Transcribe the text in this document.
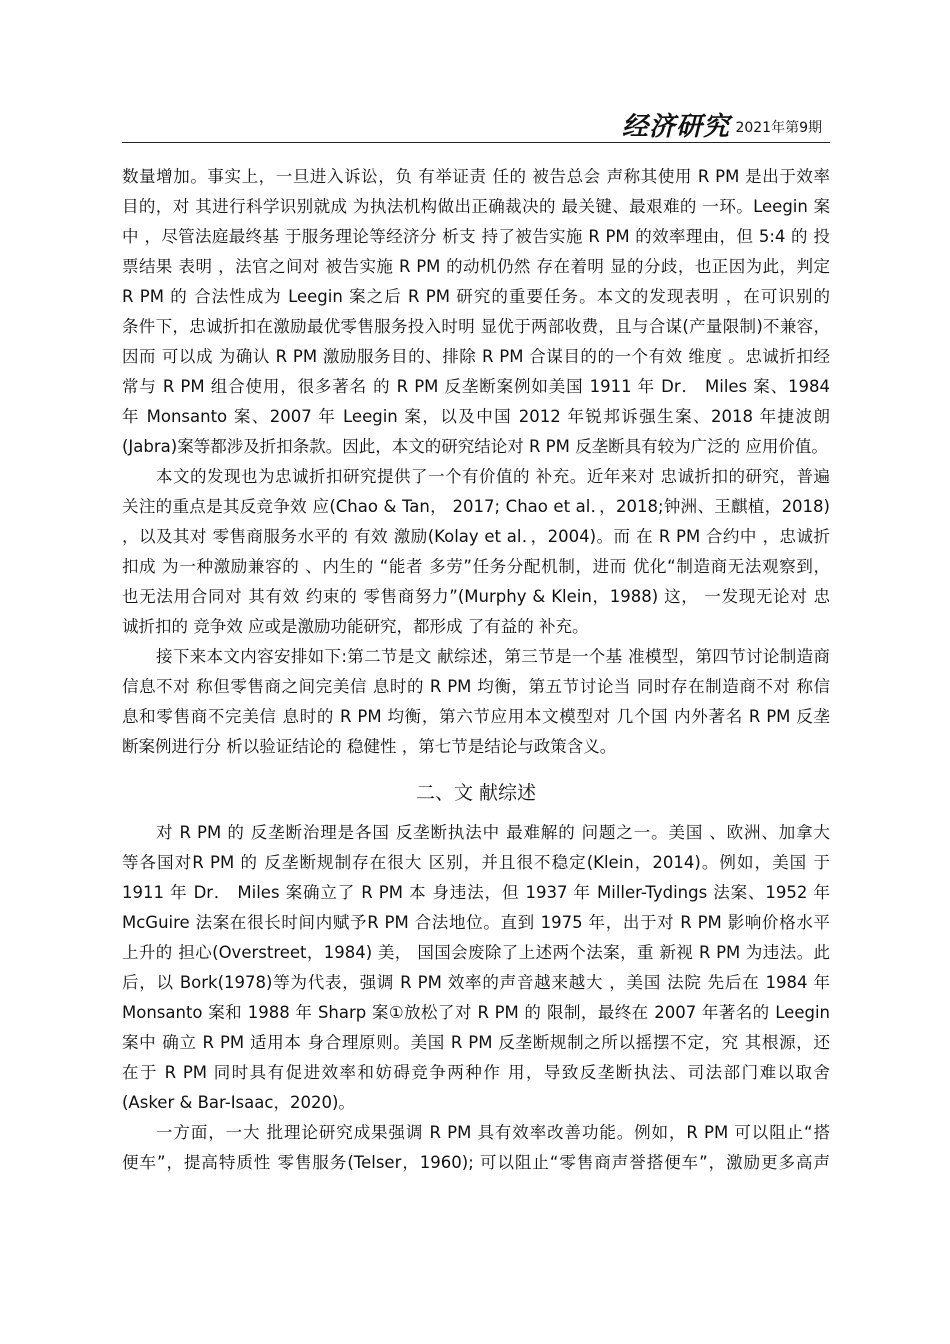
经济研究 2021年第9期
数量增加。事实上，一旦进入诉讼，负 有举证责 任的 被告总会 声称其使用 R PM 是出于效率
目的，对 其进行科学识别就成 为执法机构做出正确裁决的 最关键、最艰难的 一环。Leegin 案
中 ，尽管法庭最终基 于服务理论等经济分 析支 持了被告实施 R PM 的效率理由，但 5:4 的 投
票结果 表明 ，法官之间对 被告实施 R PM 的动机仍然 存在着明 显的分歧，也正因为此，判定
R PM 的 合法性成为 Leegin 案之后 R PM 研究的重要任务。本文的发现表明 ，在可识别的
条件下，忠诚折扣在激励最优零售服务投入时明 显优于两部收费，且与合谋(产量限制)不兼容，
因而 可以成 为确认 R PM 激励服务目的、排除 R PM 合谋目的的一个有效 维度 。忠诚折扣经
常与 R PM 组合使用，很多著名 的 R PM 反垄断案例如美国 1911 年 Dr． Miles 案、1984
年 Monsanto 案、2007 年 Leegin 案，以及中国 2012 年锐邦诉强生案、2018 年捷波朗
(Jabra)案等都涉及折扣条款。因此，本文的研究结论对 R PM 反垄断具有较为广泛的 应用价值。
本文的发现也为忠诚折扣研究提供了一个有价值的 补充。近年来对 忠诚折扣的研究，普遍
关注的重点是其反竞争效 应(Chao & Tan， 2017; Chao et al．，2018;钟洲、王麒植，2018)
，以及其对 零售商服务水平的 有效 激励(Kolay et al．，2004)。而 在 R PM 合约中 ，忠诚折
扣成 为一种激励兼容的 、内生的 “能者 多劳”任务分配机制，进而 优化“制造商无法观察到，
也无法用合同对 其有效 约束的 零售商努力”(Murphy & Klein，1988) 这， 一发现无论对 忠
诚折扣的 竞争效 应或是激励功能研究，都形成 了有益的 补充。
接下来本文内容安排如下:第二节是文 献综述，第三节是一个基 准模型，第四节讨论制造商
信息不对 称但零售商之间完美信 息时的 R PM 均衡，第五节讨论当 同时存在制造商不对 称信
息和零售商不完美信 息时的 R PM 均衡，第六节应用本文模型对 几个国 内外著名 R PM 反垄
断案例进行分 析以验证结论的 稳健性 ，第七节是结论与政策含义。
二、文 献综述
对 R PM 的 反垄断治理是各国 反垄断执法中 最难解的 问题之一。美国 、欧洲、加拿大
等各国对R PM 的 反垄断规制存在很大 区别，并且很不稳定(Klein，2014)。例如，美国 于
1911 年 Dr． Miles 案确立了 R PM 本 身违法，但 1937 年 Miller-Tydings 法案、1952 年
McGuire 法案在很长时间内赋予R PM 合法地位。直到 1975 年，出于对 R PM 影响价格水平
上升的 担心(Overstreet，1984) 美， 国国会废除了上述两个法案，重 新视 R PM 为违法。此
后，以 Bork(1978)等为代表，强调 R PM 效率的声音越来越大 ，美国 法院 先后在 1984 年
Monsanto 案和 1988 年 Sharp 案①放松了对 R PM 的 限制，最终在 2007 年著名的 Leegin
案中 确立 R PM 适用本 身合理原则。美国 R PM 反垄断规制之所以摇摆不定，究 其根源，还
在于 R PM 同时具有促进效率和妨碍竞争两种作 用，导致反垄断执法、司法部门难以取舍
(Asker & Bar-Isaac，2020)。
一方面，一大 批理论研究成果强调 R PM 具有效率改善功能。例如，R PM 可以阻止“搭
便车”，提高特质性 零售服务(Telser，1960); 可以阻止“零售商声誉搭便车”，激励更多高声
